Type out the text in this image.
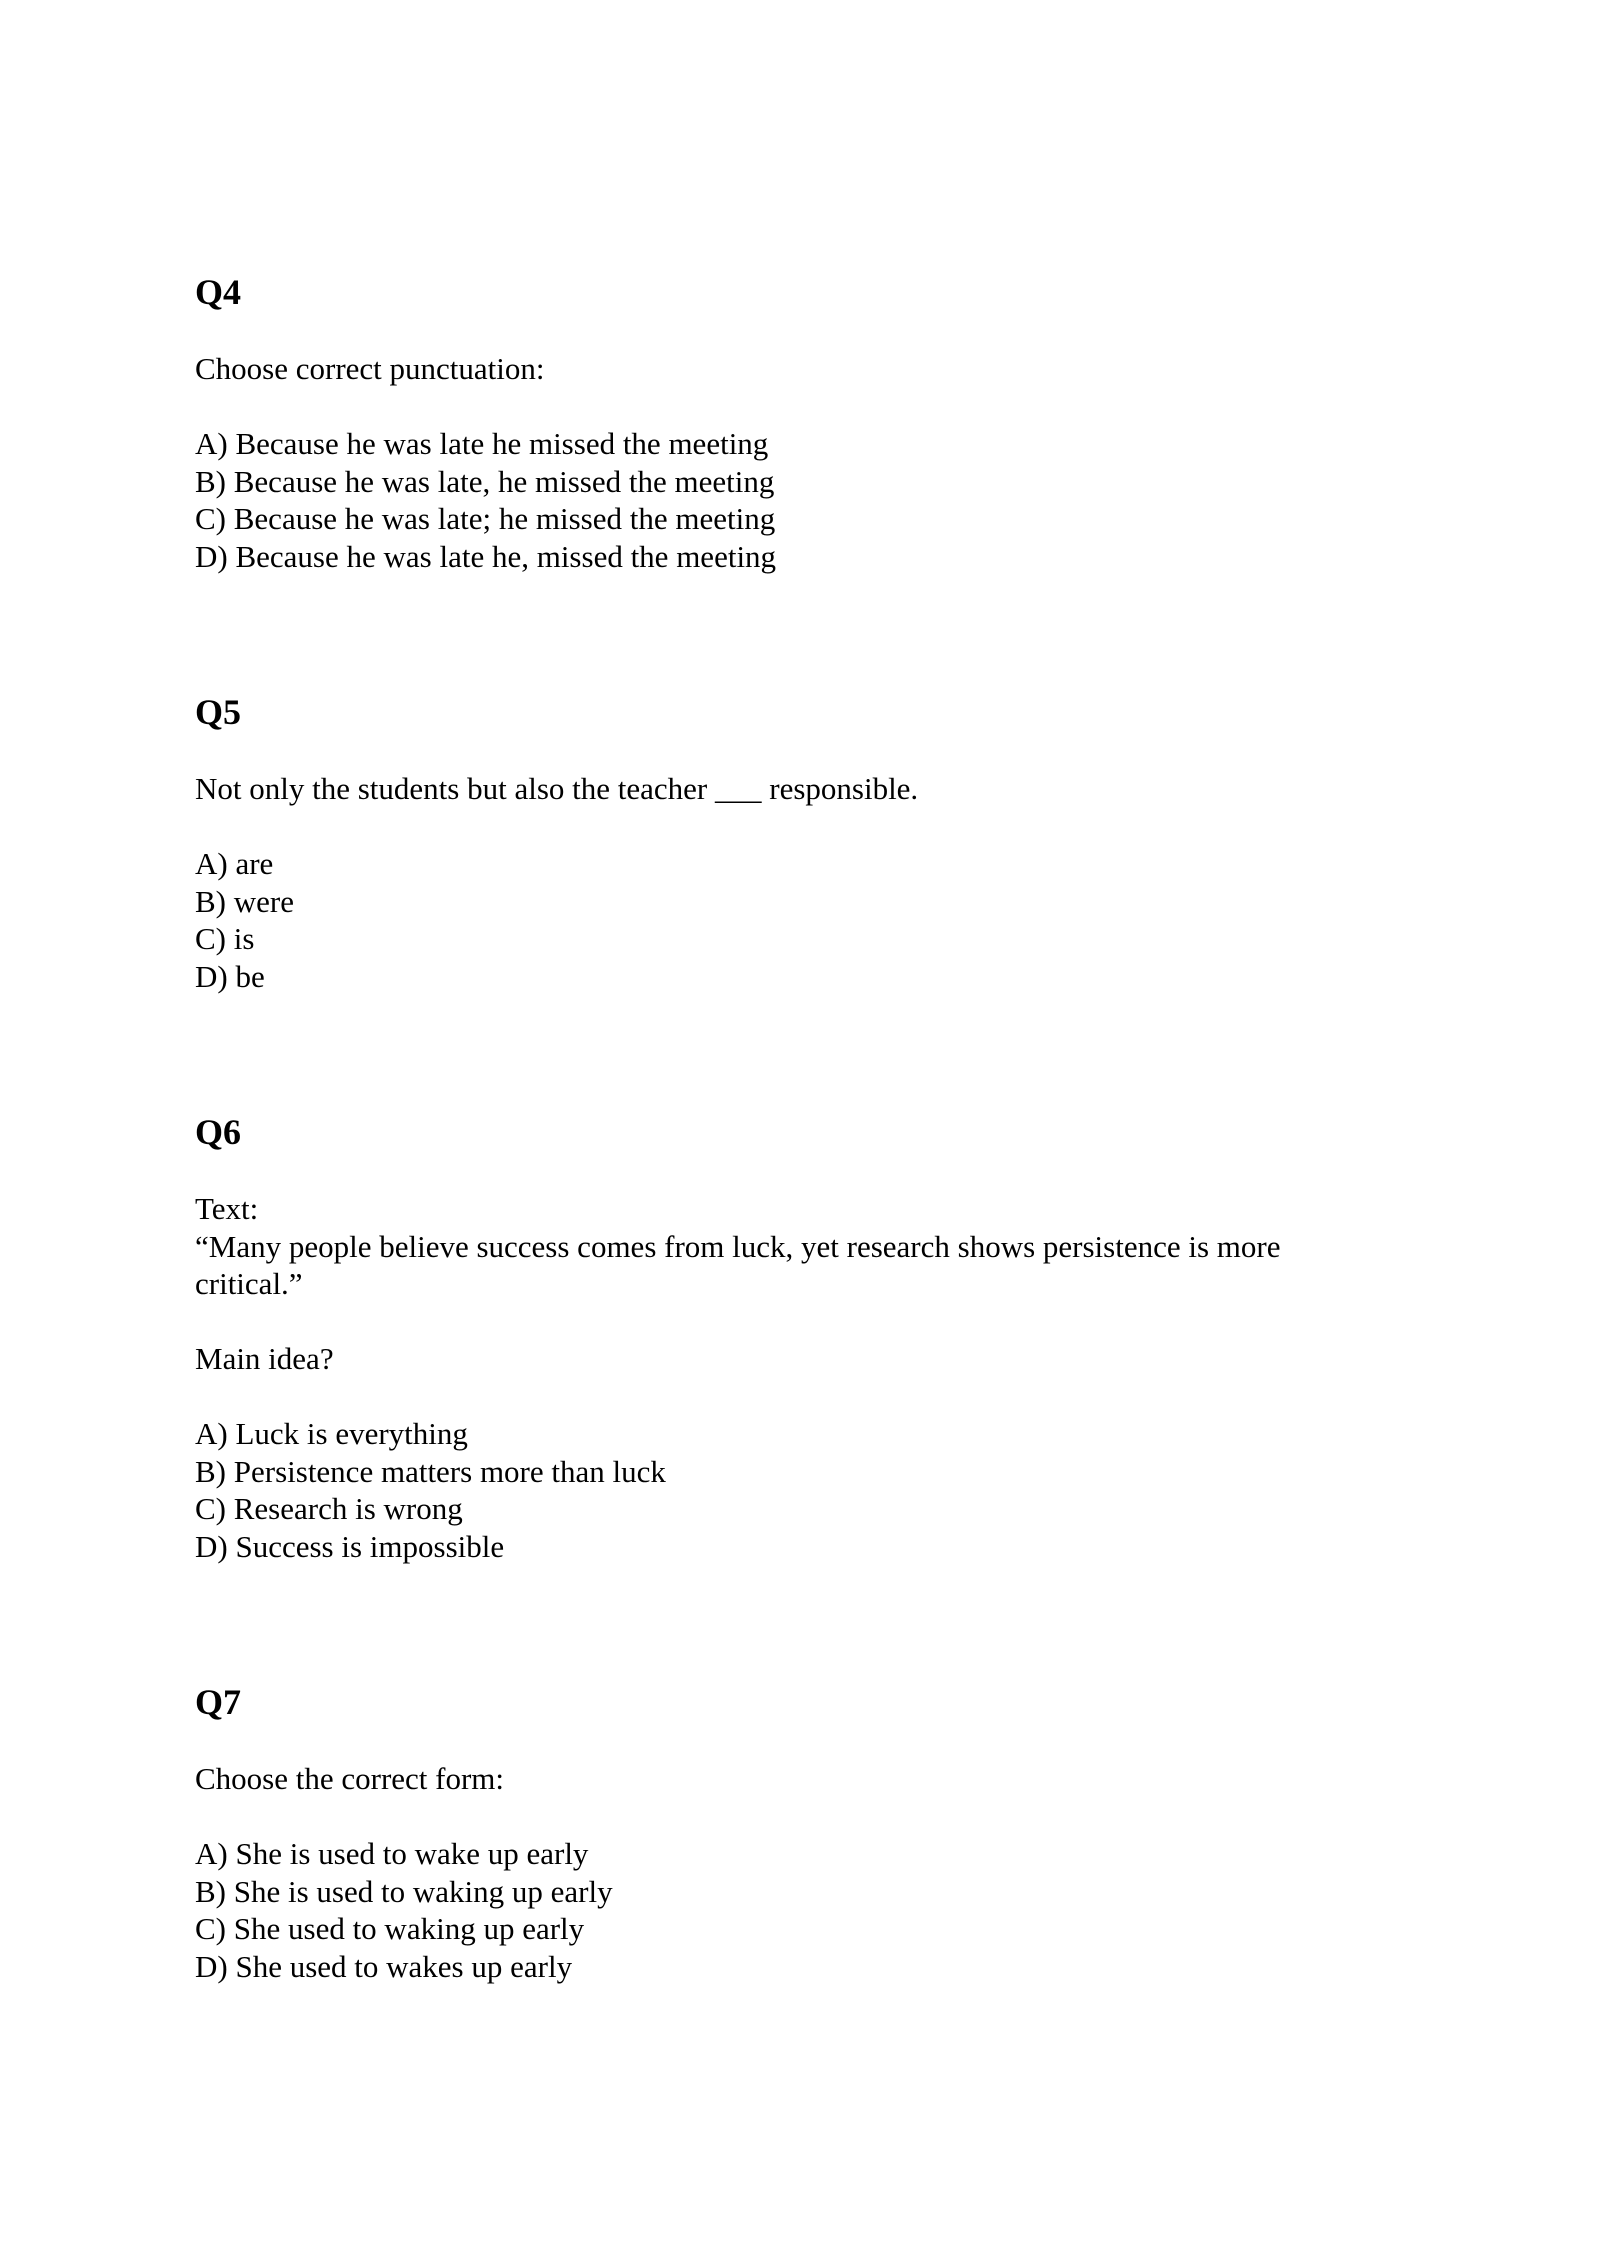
Q4

Choose correct punctuation:

A) Because he was late he missed the meeting
B) Because he was late, he missed the meeting
C) Because he was late; he missed the meeting
D) Because he was late he, missed the meeting
Q5

Not only the students but also the teacher ___ responsible.

A) are
B) were
C) is
D) be
Q6

Text:

“Many people believe success comes from luck, yet research shows persistence is more critical.”

Main idea?

A) Luck is everything
B) Persistence matters more than luck
C) Research is wrong
D) Success is impossible
Q7

Choose the correct form:

A) She is used to wake up early
B) She is used to waking up early
C) She used to waking up early
D) She used to wakes up early
